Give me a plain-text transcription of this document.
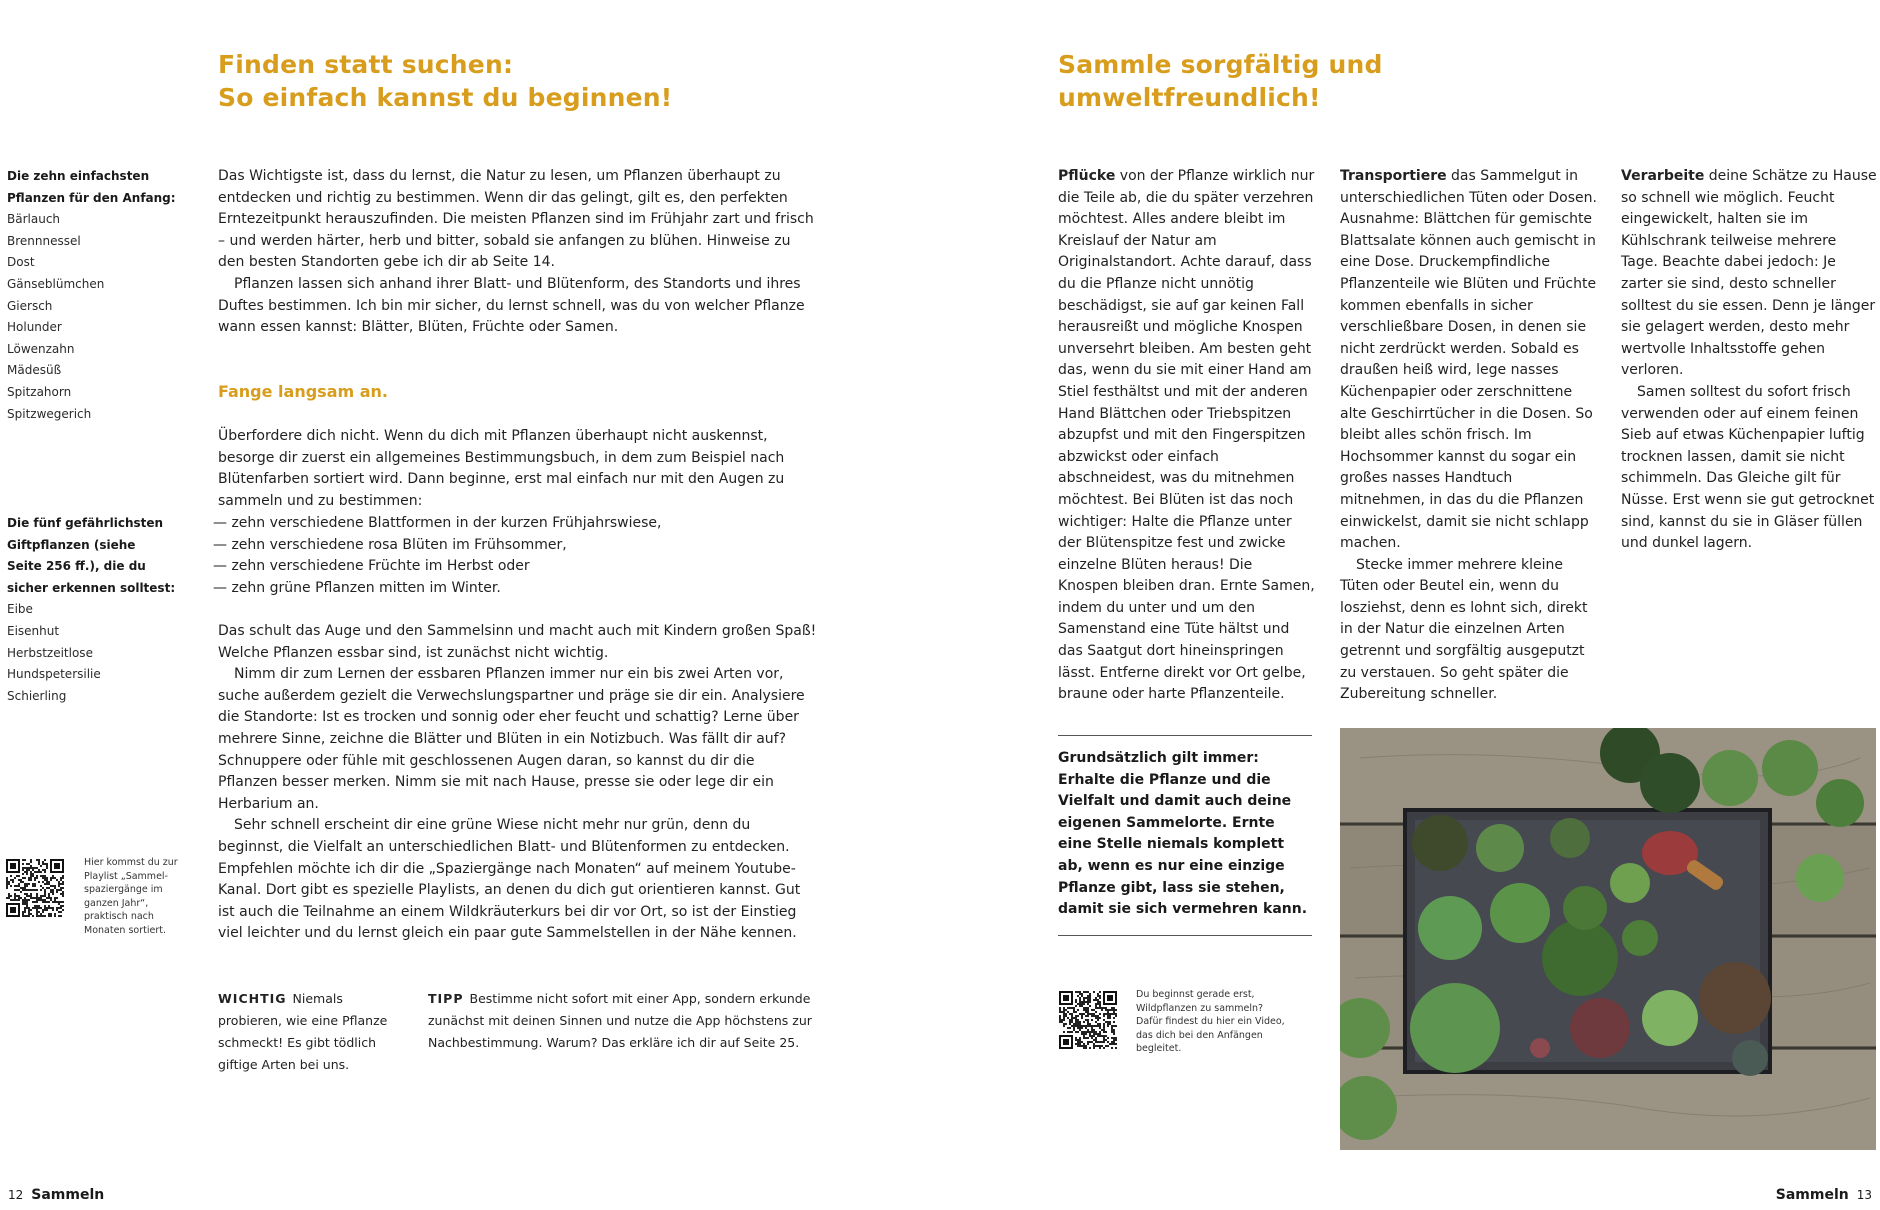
Finden statt suchen:
So einfach kannst du beginnen!
Die zehn einfachsten
Pflanzen für den Anfang:
Bärlauch
Brennnessel
Dost
Gänseblümchen
Giersch
Holunder
Löwenzahn
Mädesüß
Spitzahorn
Spitzwegerich
Die fünf gefährlichsten
Giftpflanzen (siehe
Seite 256 ff.), die du
sicher erkennen solltest:
Eibe
Eisenhut
Herbstzeitlose
Hundspetersilie
Schierling
Hier kommst du zur Playlist „Sammel-spaziergänge im ganzen Jahr“, praktisch nach Monaten sortiert.

Das Wichtigste ist, dass du lernst, die Natur zu lesen, um Pflanzen überhaupt zu entdecken und richtig zu bestimmen. Wenn dir das gelingt, gilt es, den perfekten Erntezeitpunkt herauszufinden. Die meisten Pflanzen sind im Frühjahr zart und frisch – und werden härter, herb und bitter, sobald sie anfangen zu blühen. Hinweise zu den besten Standorten gebe ich dir ab Seite 14.

Pflanzen lassen sich anhand ihrer Blatt- und Blütenform, des Standorts und ihres Duftes bestimmen. Ich bin mir sicher, du lernst schnell, was du von welcher Pflanze wann essen kannst: Blätter, Blüten, Früchte oder Samen.

Fange langsam an.

Überfordere dich nicht. Wenn du dich mit Pflanzen überhaupt nicht auskennst, besorge dir zuerst ein allgemeines Bestimmungsbuch, in dem zum Beispiel nach Blütenfarben sortiert wird. Dann beginne, erst mal einfach nur mit den Augen zu sammeln und zu bestimmen:

— zehn verschiedene Blattformen in der kurzen Frühjahrswiese,
— zehn verschiedene rosa Blüten im Frühsommer,
— zehn verschiedene Früchte im Herbst oder
— zehn grüne Pflanzen mitten im Winter.

Das schult das Auge und den Sammelsinn und macht auch mit Kindern großen Spaß! Welche Pflanzen essbar sind, ist zunächst nicht wichtig.

Nimm dir zum Lernen der essbaren Pflanzen immer nur ein bis zwei Arten vor, suche außerdem gezielt die Verwechslungspartner und präge sie dir ein. Analysiere die Standorte: Ist es trocken und sonnig oder eher feucht und schattig? Lerne über mehrere Sinne, zeichne die Blätter und Blüten in ein Notizbuch. Was fällt dir auf? Schnuppere oder fühle mit geschlossenen Augen daran, so kannst du dir die Pflanzen besser merken. Nimm sie mit nach Hause, presse sie oder lege dir ein Herbarium an.

Sehr schnell erscheint dir eine grüne Wiese nicht mehr nur grün, denn du beginnst, die Vielfalt an unterschiedlichen Blatt- und Blütenformen zu entdecken. Empfehlen möchte ich dir die „Spaziergänge nach Monaten“ auf meinem Youtube-Kanal. Dort gibt es spezielle Playlists, an denen du dich gut orientieren kannst. Gut ist auch die Teilnahme an einem Wildkräuterkurs bei dir vor Ort, so ist der Einstieg viel leichter und du lernst gleich ein paar gute Sammelstellen in der Nähe kennen.

WICHTIG Niemals probieren, wie eine Pflanze schmeckt! Es gibt tödlich giftige Arten bei uns.
TIPP Bestimme nicht sofort mit einer App, sondern erkunde zunächst mit deinen Sinnen und nutze die App höchstens zur Nachbestimmung. Warum? Das erkläre ich dir auf Seite 25.
12 Sammeln
Sammle sorgfältig und
umweltfreundlich!

Pflücke von der Pflanze wirklich nur die Teile ab, die du später verzehren möchtest. Alles andere bleibt im Kreislauf der Natur am Originalstandort. Achte darauf, dass du die Pflanze nicht unnötig beschädigst, sie auf gar keinen Fall herausreißt und mögliche Knospen unversehrt bleiben. Am besten geht das, wenn du sie mit einer Hand am Stiel festhältst und mit der anderen Hand Blättchen oder Triebspitzen abzupfst und mit den Fingerspitzen abzwickst oder einfach abschneidest, was du mitnehmen möchtest. Bei Blüten ist das noch wichtiger: Halte die Pflanze unter der Blütenspitze fest und zwicke einzelne Blüten heraus! Die Knospen bleiben dran. Ernte Samen, indem du unter und um den Samenstand eine Tüte hältst und das Saatgut dort hineinspringen lässt. Entferne direkt vor Ort gelbe, braune oder harte Pflanzenteile.

Transportiere das Sammelgut in unterschiedlichen Tüten oder Dosen. Ausnahme: Blättchen für gemischte Blattsalate können auch gemischt in eine Dose. Druckempfindliche Pflanzenteile wie Blüten und Früchte kommen ebenfalls in sicher verschließbare Dosen, in denen sie nicht zerdrückt werden. Sobald es draußen heiß wird, lege nasses Küchenpapier oder zerschnittene alte Geschirrtücher in die Dosen. So bleibt alles schön frisch. Im Hochsommer kannst du sogar ein großes nasses Handtuch mitnehmen, in das du die Pflanzen einwickelst, damit sie nicht schlapp machen.

Stecke immer mehrere kleine Tüten oder Beutel ein, wenn du losziehst, denn es lohnt sich, direkt in der Natur die einzelnen Arten getrennt und sorgfältig ausgeputzt zu verstauen. So geht später die Zubereitung schneller.

Verarbeite deine Schätze zu Hause so schnell wie möglich. Feucht eingewickelt, halten sie im Kühlschrank teilweise mehrere Tage. Beachte dabei jedoch: Je zarter sie sind, desto schneller solltest du sie essen. Denn je länger sie gelagert werden, desto mehr wertvolle Inhaltsstoffe gehen verloren.

Samen solltest du sofort frisch verwenden oder auf einem feinen Sieb auf etwas Küchenpapier luftig trocknen lassen, damit sie nicht schimmeln. Das Gleiche gilt für Nüsse. Erst wenn sie gut getrocknet sind, kannst du sie in Gläser füllen und dunkel lagern.

Grundsätzlich gilt immer:
Erhalte die Pflanze und die Vielfalt und damit auch deine eigenen Sammelorte. Ernte eine Stelle niemals komplett ab, wenn es nur eine einzige Pflanze gibt, lass sie stehen, damit sie sich vermehren kann.
Du beginnst gerade erst, Wildpflanzen zu sammeln? Dafür findest du hier ein Video, das dich bei den Anfängen begleitet.
Sammeln 13
